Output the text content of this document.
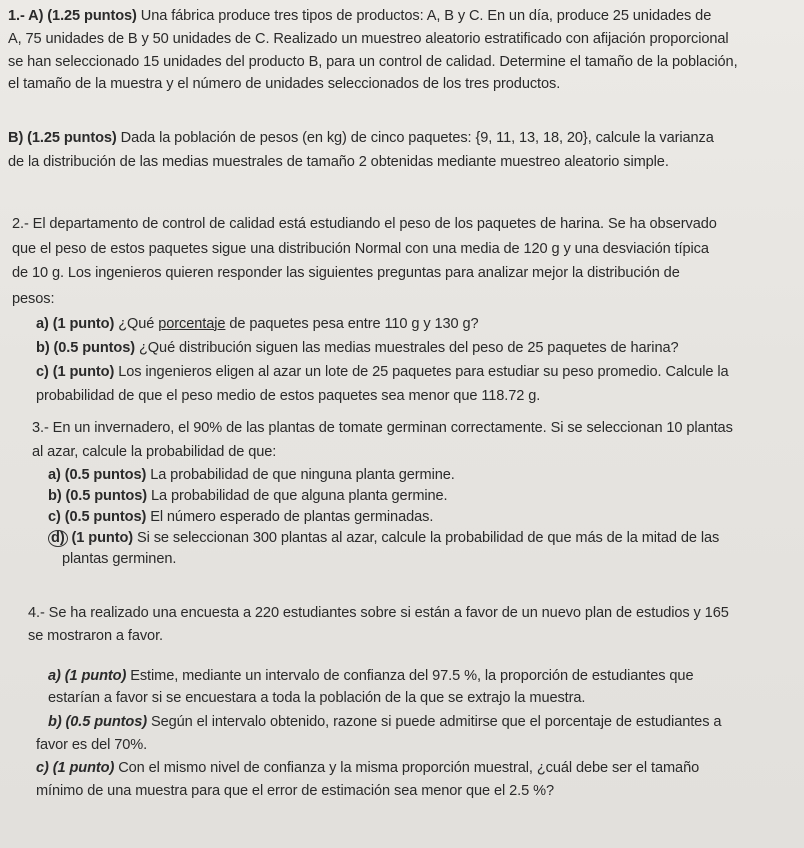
1.- A) (1.25 puntos) Una fábrica produce tres tipos de productos: A, B y C. En un día, produce 25 unidades de
A, 75 unidades de B y 50 unidades de C. Realizado un muestreo aleatorio estratificado con afijación proporcional
se han seleccionado 15 unidades del producto B, para un control de calidad. Determine el tamaño de la población,
el tamaño de la muestra y el número de unidades seleccionados de los tres productos.
B) (1.25 puntos) Dada la población de pesos (en kg) de cinco paquetes: {9, 11, 13, 18, 20}, calcule la varianza
de la distribución de las medias muestrales de tamaño 2 obtenidas mediante muestreo aleatorio simple.
2.- El departamento de control de calidad está estudiando el peso de los paquetes de harina. Se ha observado
que el peso de estos paquetes sigue una distribución Normal con una media de 120 g y una desviación típica
de 10 g. Los ingenieros quieren responder las siguientes preguntas para analizar mejor la distribución de
pesos:
a) (1 punto) ¿Qué porcentaje de paquetes pesa entre 110 g y 130 g?
b) (0.5 puntos) ¿Qué distribución siguen las medias muestrales del peso de 25 paquetes de harina?
c) (1 punto) Los ingenieros eligen al azar un lote de 25 paquetes para estudiar su peso promedio. Calcule la
probabilidad de que el peso medio de estos paquetes sea menor que 118.72 g.
3.- En un invernadero, el 90% de las plantas de tomate germinan correctamente. Si se seleccionan 10 plantas
al azar, calcule la probabilidad de que:
a) (0.5 puntos) La probabilidad de que ninguna planta germine.
b) (0.5 puntos) La probabilidad de que alguna planta germine.
c) (0.5 puntos) El número esperado de plantas germinadas.
d) (1 punto) Si se seleccionan 300 plantas al azar, calcule la probabilidad de que más de la mitad de las
plantas germinen.
4.- Se ha realizado una encuesta a 220 estudiantes sobre si están a favor de un nuevo plan de estudios y 165
se mostraron a favor.
a) (1 punto) Estime, mediante un intervalo de confianza del 97.5 %, la proporción de estudiantes que
estarían a favor si se encuestara a toda la población de la que se extrajo la muestra.
b) (0.5 puntos) Según el intervalo obtenido, razone si puede admitirse que el porcentaje de estudiantes a
favor es del 70%.
c) (1 punto) Con el mismo nivel de confianza y la misma proporción muestral, ¿cuál debe ser el tamaño
mínimo de una muestra para que el error de estimación sea menor que el 2.5 %?
